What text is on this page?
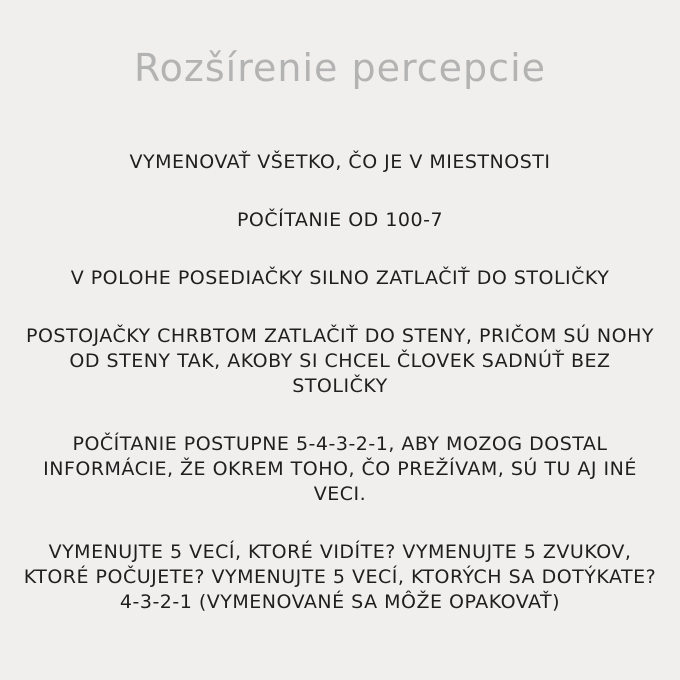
Rozšírenie percepcie
VYMENOVAŤ VŠETKO, ČO JE V MIESTNOSTI
POČÍTANIE OD 100-7
V POLOHE POSEDIAČKY SILNO ZATLAČIŤ DO STOLIČKY
POSTOJAČKY CHRBTOM ZATLAČIŤ DO STENY, PRIČOM SÚ NOHY OD STENY TAK, AKOBY SI CHCEL ČLOVEK SADNÚŤ BEZ STOLIČKY
POČÍTANIE POSTUPNE 5-4-3-2-1, ABY MOZOG DOSTAL INFORMÁCIE, ŽE OKREM TOHO, ČO PREŽÍVAM, SÚ TU AJ INÉ VECI.
VYMENUJTE 5 VECÍ, KTORÉ VIDÍTE? VYMENUJTE 5 ZVUKOV, KTORÉ POČUJETE? VYMENUJTE 5 VECÍ, KTORÝCH SA DOTÝKATE? 4-3-2-1 (VYMENOVANÉ SA MÔŽE OPAKOVAŤ)
